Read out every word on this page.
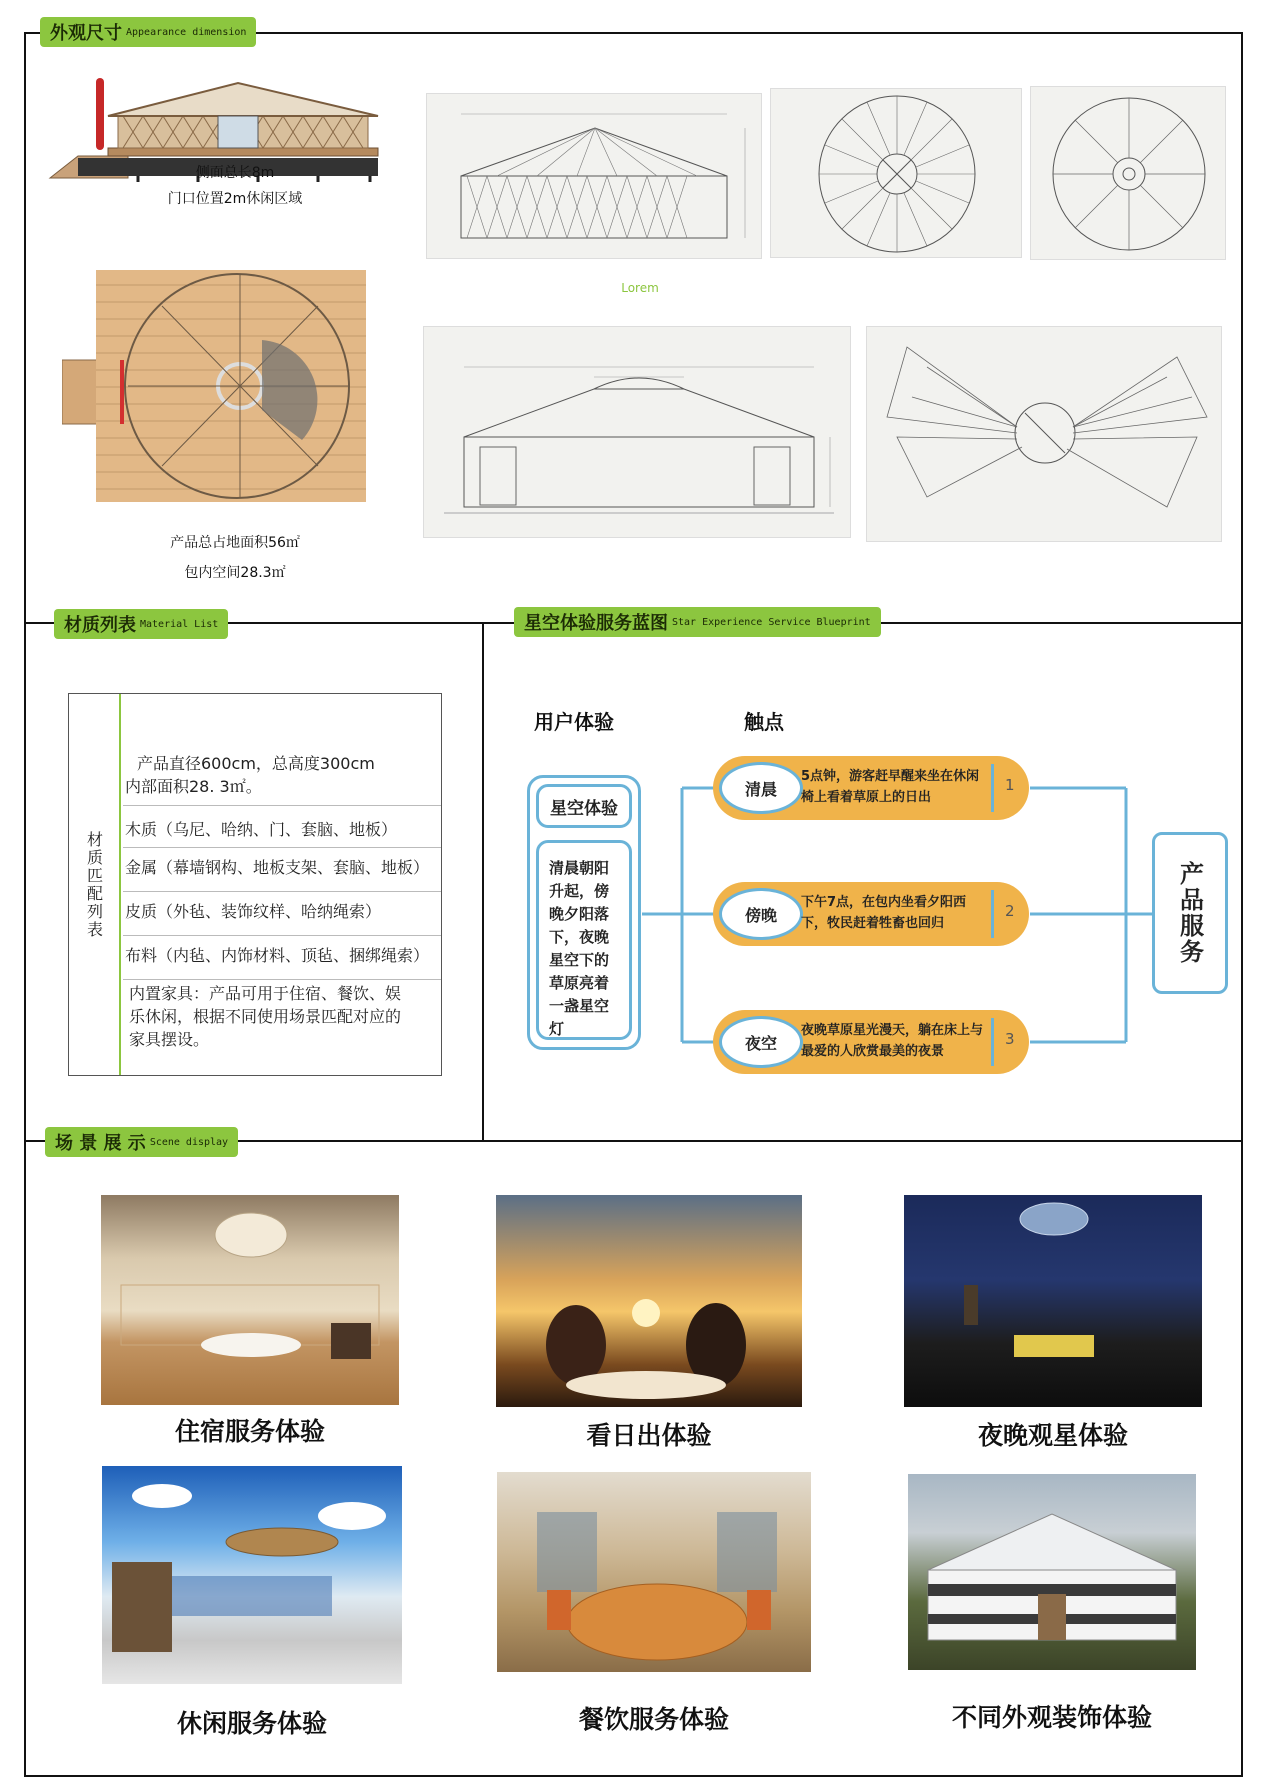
外观尺寸 Appearance dimension
材质列表 Material List	星空体验服务蓝图 Star Experience Service Blueprint
场 景 展 示 Scene display
侧面总长8m
门口位置2m休闲区域
产品总占地面积56㎡
包内空间28.3㎡
Lorem
材质匹配列表
产品直径600cm，总高度300cm
内部面积28. 3㎡。
木质（乌尼、哈纳、门、套脑、地板）
金属（幕墙钢构、地板支架、套脑、地板）
皮质（外毡、装饰纹样、哈纳绳索）
布料（内毡、内饰材料、顶毡、捆绑绳索）
内置家具：产品可用于住宿、餐饮、娱
乐休闲，根据不同使用场景匹配对应的
家具摆设。
用户体验	触点
星空体验
清晨朝阳升起，傍晚夕阳落下，夜晚星空下的草原亮着一盏星空灯
清晨
5点钟，游客赶早醒来坐在休闲椅上看着草原上的日出
1
傍晚
下午7点，在包内坐看夕阳西下，牧民赶着牲畜也回归
2
夜空
夜晚草原星光漫天，躺在床上与最爱的人欣赏最美的夜景
3
产品服务
住宿服务体验	看日出体验	夜晚观星体验
休闲服务体验	餐饮服务体验	不同外观装饰体验
